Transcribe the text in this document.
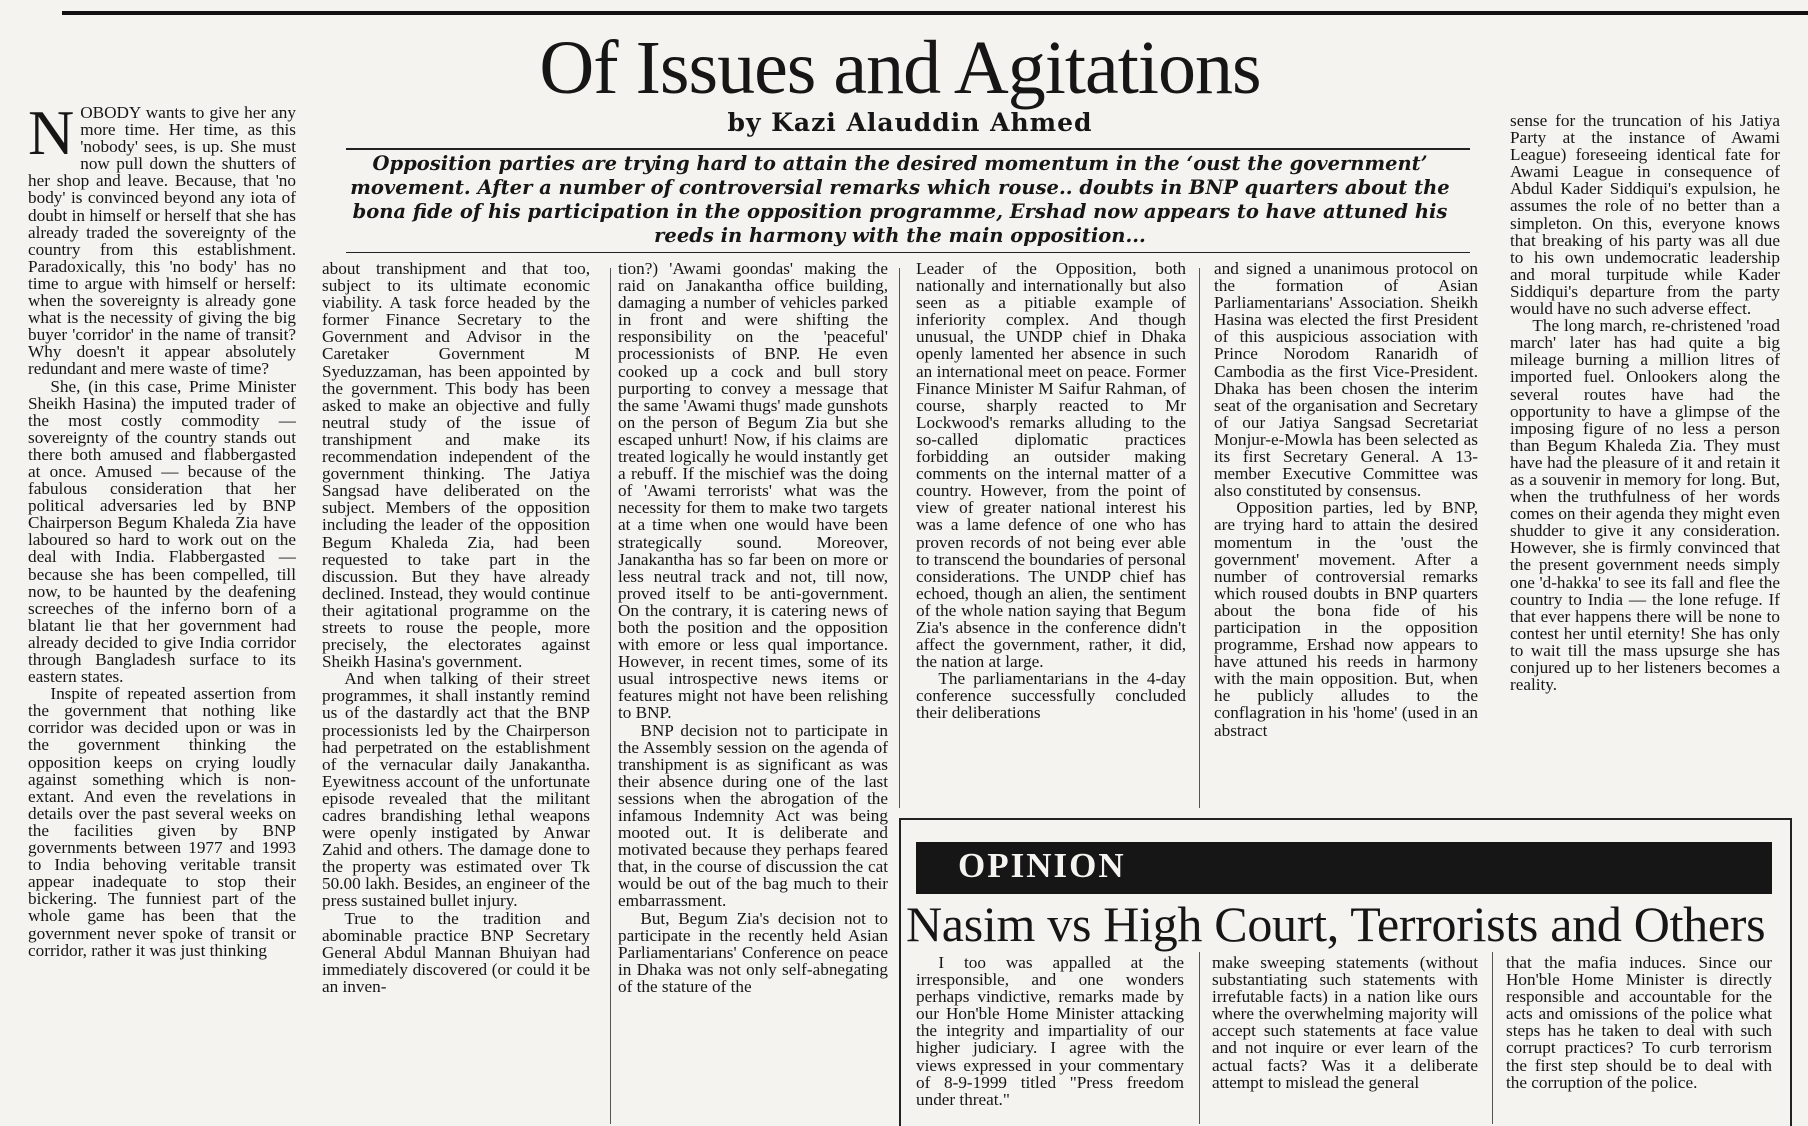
Of Issues and Agitations
by Kazi Alauddin Ahmed
Opposition parties are trying hard to attain the desired momentum in the ‘oust the government’ movement. After a number of controversial remarks which rouse.. doubts in BNP quarters about the bona fide of his participation in the opposition programme, Ershad now appears to have attuned his reeds in harmony with the main opposition...

NOBODY wants to give her any more time. Her time, as this 'nobody' sees, is up. She must now pull down the shutters of her shop and leave. Because, that 'no body' is convinced beyond any iota of doubt in himself or herself that she has already traded the sovereignty of the country from this establishment. Paradoxically, this 'no body' has no time to argue with himself or herself: when the sovereignty is already gone what is the necessity of giving the big buyer 'corridor' in the name of transit? Why doesn't it appear absolutely redundant and mere waste of time?

She, (in this case, Prime Minister Sheikh Hasina) the imputed trader of the most costly commodity — sovereignty of the country stands out there both amused and flabbergasted at once. Amused — because of the fabulous consideration that her political adversaries led by BNP Chairperson Begum Khaleda Zia have laboured so hard to work out on the deal with India. Flabbergasted — because she has been compelled, till now, to be haunted by the deafening screeches of the inferno born of a blatant lie that her government had already decided to give India corridor through Bangladesh surface to its eastern states.

Inspite of repeated assertion from the government that nothing like corridor was decided upon or was in the government thinking the opposition keeps on crying loudly against something which is non-extant. And even the revelations in details over the past several weeks on the facilities given by BNP governments between 1977 and 1993 to India behoving veritable transit appear inadequate to stop their bickering. The funniest part of the whole game has been that the government never spoke of transit or corridor, rather it was just thinking

about transhipment and that too, subject to its ultimate economic viability. A task force headed by the former Finance Secretary to the Government and Advisor in the Caretaker Government M Syeduzzaman, has been appointed by the government. This body has been asked to make an objective and fully neutral study of the issue of transhipment and make its recommendation independent of the government thinking. The Jatiya Sangsad have deliberated on the subject. Members of the opposition including the leader of the opposition Begum Khaleda Zia, had been requested to take part in the discussion. But they have already declined. Instead, they would continue their agitational programme on the streets to rouse the people, more precisely, the electorates against Sheikh Hasina's government.

And when talking of their street programmes, it shall instantly remind us of the dastardly act that the BNP processionists led by the Chairperson had perpetrated on the establishment of the vernacular daily Janakantha. Eyewitness account of the unfortunate episode revealed that the militant cadres brandishing lethal weapons were openly instigated by Anwar Zahid and others. The damage done to the property was estimated over Tk 50.00 lakh. Besides, an engineer of the press sustained bullet injury.

True to the tradition and abominable practice BNP Secretary General Abdul Mannan Bhuiyan had immediately discovered (or could it be an inven-

tion?) 'Awami goondas' making the raid on Janakantha office building, damaging a number of vehicles parked in front and were shifting the responsibility on the 'peaceful' processionists of BNP. He even cooked up a cock and bull story purporting to convey a message that the same 'Awami thugs' made gunshots on the person of Begum Zia but she escaped unhurt! Now, if his claims are treated logically he would instantly get a rebuff. If the mischief was the doing of 'Awami terrorists' what was the necessity for them to make two targets at a time when one would have been strategically sound. Moreover, Janakantha has so far been on more or less neutral track and not, till now, proved itself to be anti-government. On the contrary, it is catering news of both the position and the opposition with emore or less qual importance. However, in recent times, some of its usual introspective news items or features might not have been relishing to BNP.

BNP decision not to participate in the Assembly session on the agenda of transhipment is as significant as was their absence during one of the last sessions when the abrogation of the infamous Indemnity Act was being mooted out. It is deliberate and motivated because they perhaps feared that, in the course of discussion the cat would be out of the bag much to their embarrassment.

But, Begum Zia's decision not to participate in the recently held Asian Parliamentarians' Conference on peace in Dhaka was not only self-abnegating of the stature of the

Leader of the Opposition, both nationally and internationally but also seen as a pitiable example of inferiority complex. And though unusual, the UNDP chief in Dhaka openly lamented her absence in such an international meet on peace. Former Finance Minister M Saifur Rahman, of course, sharply reacted to Mr Lockwood's remarks alluding to the so-called diplomatic practices forbidding an outsider making comments on the internal matter of a country. However, from the point of view of greater national interest his was a lame defence of one who has proven records of not being ever able to transcend the boundaries of personal considerations. The UNDP chief has echoed, though an alien, the sentiment of the whole nation saying that Begum Zia's absence in the conference didn't affect the government, rather, it did, the nation at large.

The parliamentarians in the 4-day conference successfully concluded their deliberations

and signed a unanimous protocol on the formation of Asian Parliamentarians' Association. Sheikh Hasina was elected the first President of this auspicious association with Prince Norodom Ranaridh of Cambodia as the first Vice-President. Dhaka has been chosen the interim seat of the organisation and Secretary of our Jatiya Sangsad Secretariat Monjur-e-Mowla has been selected as its first Secretary General. A 13-member Executive Committee was also constituted by consensus.

Opposition parties, led by BNP, are trying hard to attain the desired momentum in the 'oust the government' movement. After a number of controversial remarks which roused doubts in BNP quarters about the bona fide of his participation in the opposition programme, Ershad now appears to have attuned his reeds in harmony with the main opposition. But, when he publicly alludes to the conflagration in his 'home' (used in an abstract

sense for the truncation of his Jatiya Party at the instance of Awami League) foreseeing identical fate for Awami League in consequence of Abdul Kader Siddiqui's expulsion, he assumes the role of no better than a simpleton. On this, everyone knows that breaking of his party was all due to his own undemocratic leadership and moral turpitude while Kader Siddiqui's departure from the party would have no such adverse effect.

The long march, re-christened 'road march' later has had quite a big mileage burning a million litres of imported fuel. Onlookers along the several routes have had the opportunity to have a glimpse of the imposing figure of no less a person than Begum Khaleda Zia. They must have had the pleasure of it and retain it as a souvenir in memory for long. But, when the truthfulness of her words comes on their agenda they might even shudder to give it any consideration. However, she is firmly convinced that the present government needs simply one 'd-hakka' to see its fall and flee the country to India — the lone refuge. If that ever happens there will be none to contest her until eternity! She has only to wait till the mass upsurge she has conjured up to her listeners becomes a reality.

OPINION
Nasim vs High Court, Terrorists and Others

I too was appalled at the irresponsible, and one wonders perhaps vindictive, remarks made by our Hon'ble Home Minister attacking the integrity and impartiality of our higher judiciary. I agree with the views expressed in your commentary of 8-9-1999 titled "Press freedom under threat."

make sweeping statements (without substantiating such statements with irrefutable facts) in a nation like ours where the overwhelming majority will accept such statements at face value and not inquire or ever learn of the actual facts? Was it a deliberate attempt to mislead the general

that the mafia induces. Since our Hon'ble Home Minister is directly responsible and accountable for the acts and omissions of the police what steps has he taken to deal with such corrupt practices? To curb terrorism the first step should be to deal with the corruption of the police.
